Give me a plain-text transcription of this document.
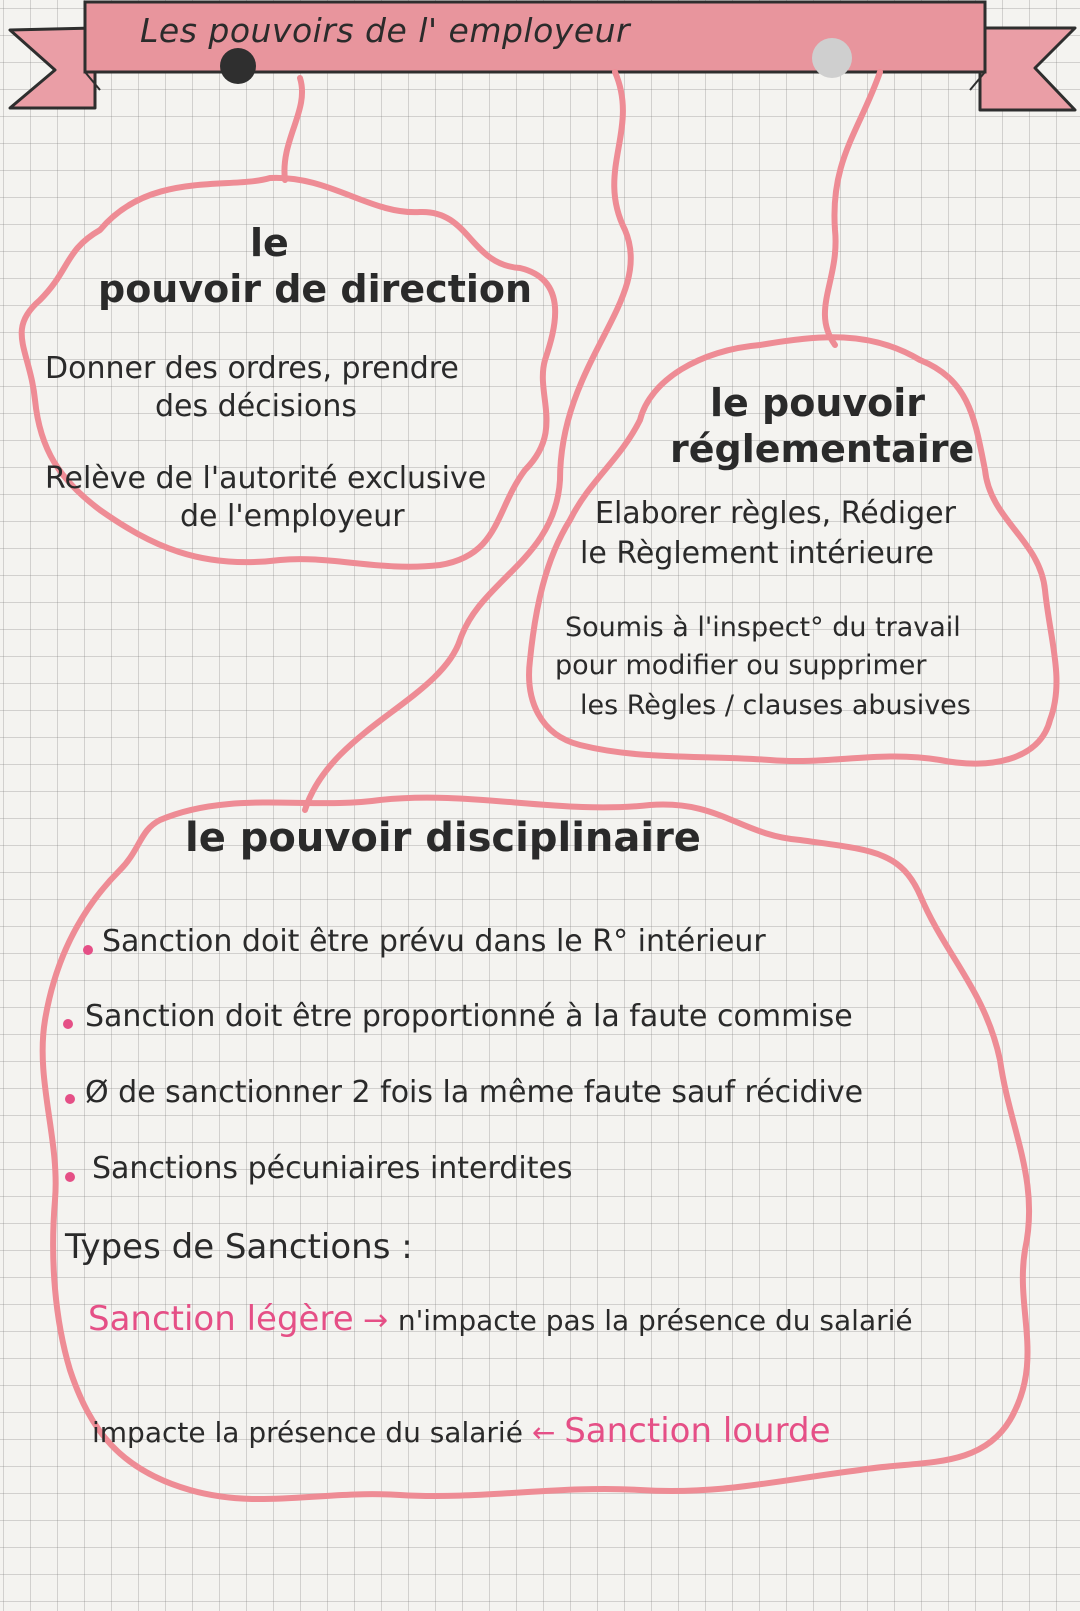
Les pouvoirs de l' employeur
le
pouvoir de direction
Donner des ordres, prendre
des décisions
Relève de l'autorité exclusive
de l'employeur
le pouvoir
réglementaire
Elaborer règles, Rédiger
le Règlement intérieure
Soumis à l'inspect° du travail
pour modifier ou supprimer
les Règles / clauses abusives
le pouvoir disciplinaire
Sanction doit être prévu dans le R° intérieur
Sanction doit être proportionné à la faute commise
Ø de sanctionner 2 fois la même faute sauf récidive
Sanctions pécuniaires interdites
Types de Sanctions :
Sanction légère → n'impacte pas la présence du salarié
impacte la présence du salarié ← Sanction lourde
